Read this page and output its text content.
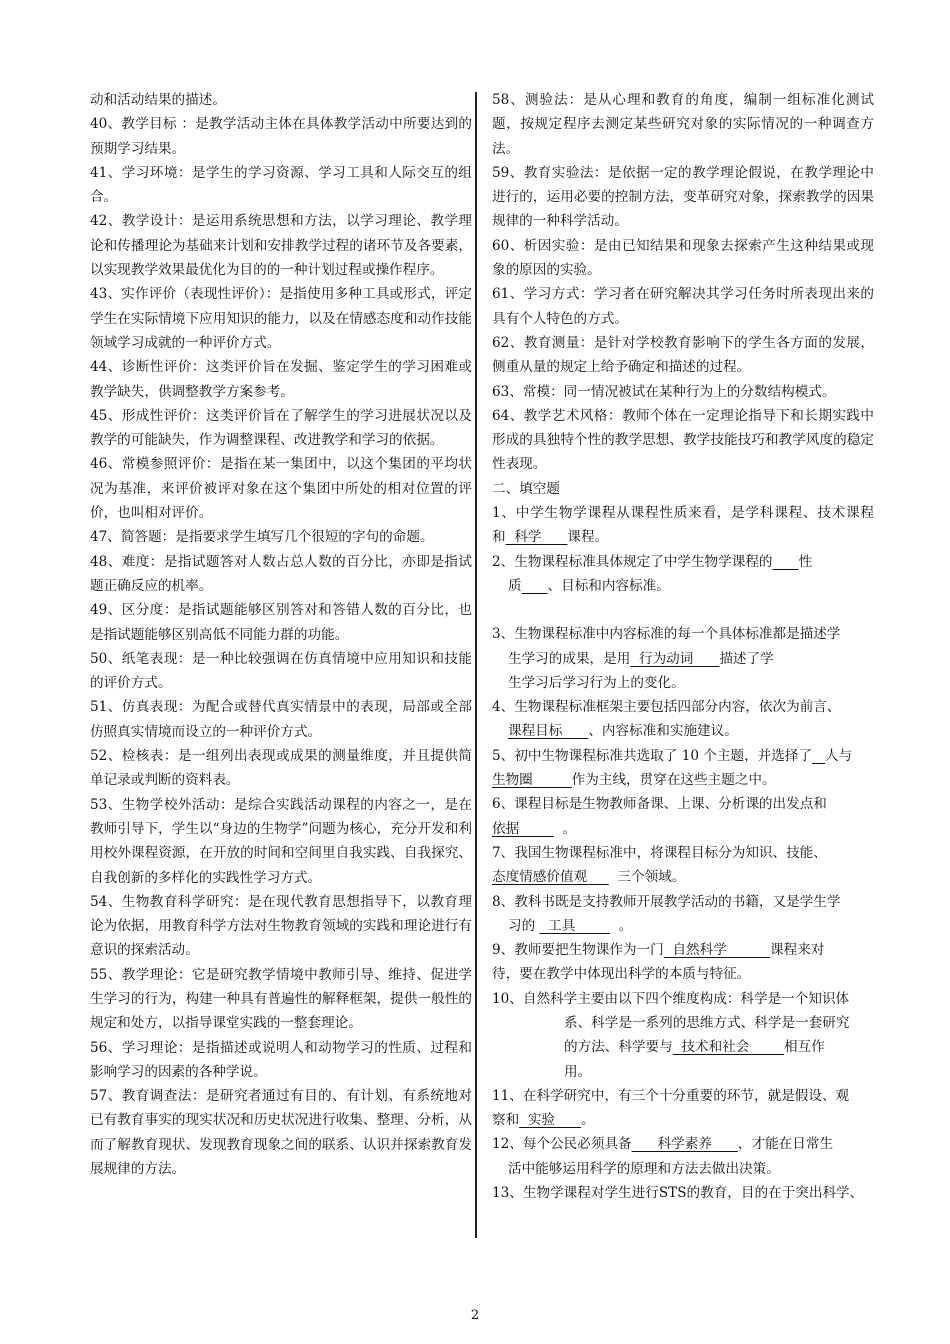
动和活动结果的描述。

40、教学目标 ：是教学活动主体在具体教学活动中所要达到的预期学习结果。

41、学习环境：是学生的学习资源、学习工具和人际交互的组合。

42、教学设计：是运用系统思想和方法，以学习理论、教学理论和传播理论为基础来计划和安排教学过程的诸环节及各要素，以实现教学效果最优化为目的的一种计划过程或操作程序。

43、实作评价（表现性评价）：是指使用多种工具或形式，评定学生在实际情境下应用知识的能力，以及在情感态度和动作技能领域学习成就的一种评价方式。

44、诊断性评价：这类评价旨在发掘、鉴定学生的学习困难或教学缺失，供调整教学方案参考。

45、形成性评价：这类评价旨在了解学生的学习进展状况以及教学的可能缺失，作为调整课程、改进教学和学习的依据。

46、常模参照评价：是指在某一集团中，以这个集团的平均状况为基准，来评价被评对象在这个集团中所处的相对位置的评价，也叫相对评价。

47、简答题：是指要求学生填写几个很短的字句的命题。

48、难度：是指试题答对人数占总人数的百分比，亦即是指试题正确反应的机率。

49、区分度：是指试题能够区别答对和答错人数的百分比，也是指试题能够区别高低不同能力群的功能。

50、纸笔表现：是一种比较强调在仿真情境中应用知识和技能的评价方式。

51、仿真表现：为配合或替代真实情景中的表现，局部或全部仿照真实情境而设立的一种评价方式。

52、检核表：是一组列出表现或成果的测量维度，并且提供简单记录或判断的资料表。

53、生物学校外活动：是综合实践活动课程的内容之一，是在教师引导下，学生以“身边的生物学”问题为核心，充分开发和利用校外课程资源，在开放的时间和空间里自我实践、自我探究、自我创新的多样化的实践性学习方式。

54、生物教育科学研究：是在现代教育思想指导下，以教育理论为依据，用教育科学方法对生物教育领域的实践和理论进行有意识的探索活动。

55、教学理论：它是研究教学情境中教师引导、维持、促进学生学习的行为，构建一种具有普遍性的解释框架，提供一般性的规定和处方，以指导课堂实践的一整套理论。

56、学习理论：是指描述或说明人和动物学习的性质、过程和影响学习的因素的各种学说。

57、教育调查法：是研究者通过有目的、有计划、有系统地对已有教育事实的现实状况和历史状况进行收集、整理、分析，从而了解教育现状、发现教育现象之间的联系、认识并探索教育发展规律的方法。

58、测验法：是从心理和教育的角度，编制一组标准化测试题，按规定程序去测定某些研究对象的实际情况的一种调查方法。

59、教育实验法：是依据一定的教学理论假说，在教学理论中进行的，运用必要的控制方法，变革研究对象，探索教学的因果规律的一种科学活动。

60、析因实验：是由已知结果和现象去探索产生这种结果或现象的原因的实验。

61、学习方式：学习者在研究解决其学习任务时所表现出来的具有个人特色的方式。

62、教育测量：是针对学校教育影响下的学生各方面的发展，侧重从量的规定上给予确定和描述的过程。

63、常模：同一情况被试在某种行为上的分数结构模式。

64、教学艺术风格：教师个体在一定理论指导下和长期实践中形成的具独特个性的教学思想、教学技能技巧和教学风度的稳定性表现。

二、填空题

1、中学生物学课程从课程性质来看，是学科课程、技术课程和 科学 课程。

2、生物课程标准具体规定了中学生物学课程的 性

质 、目标和内容标准。

3、生物课程标准中内容标准的每一个具体标准都是描述学

生学习的成果，是用 行为动词 描述了学

生学习后学习行为上的变化。

4、生物课程标准框架主要包括四部分内容，依次为前言、

课程目标 、内容标准和实施建议。

5、初中生物课程标准共选取了 10 个主题，并选择了 人与

生物圈	作为主线，贯穿在这些主题之中。

6、课程目标是生物教师备课、上课、分析课的出发点和

依据	。

7、我国生物课程标准中，将课程目标分为知识、技能、

态度情感价值观 三个领域。

8、教科书既是支持教师开展教学活动的书籍，又是学生学

习的 工具	。

9、教师要把生物课作为一门 自然科学	课程来对

待，要在教学中体现出科学的本质与特征。

10、自然科学主要由以下四个维度构成：科学是一个知识体

系、科学是一系列的思维方式、科学是一套研究

的方法、科学要与 技术和社会	相互作

用。

11、在科学研究中，有三个十分重要的环节，就是假设、观

察和 实验 。

12、每个公民必须具备 科学素养 ，才能在日常生

活中能够运用科学的原理和方法去做出决策。

13、生物学课程对学生进行STS的教育，目的在于突出科学、

2
